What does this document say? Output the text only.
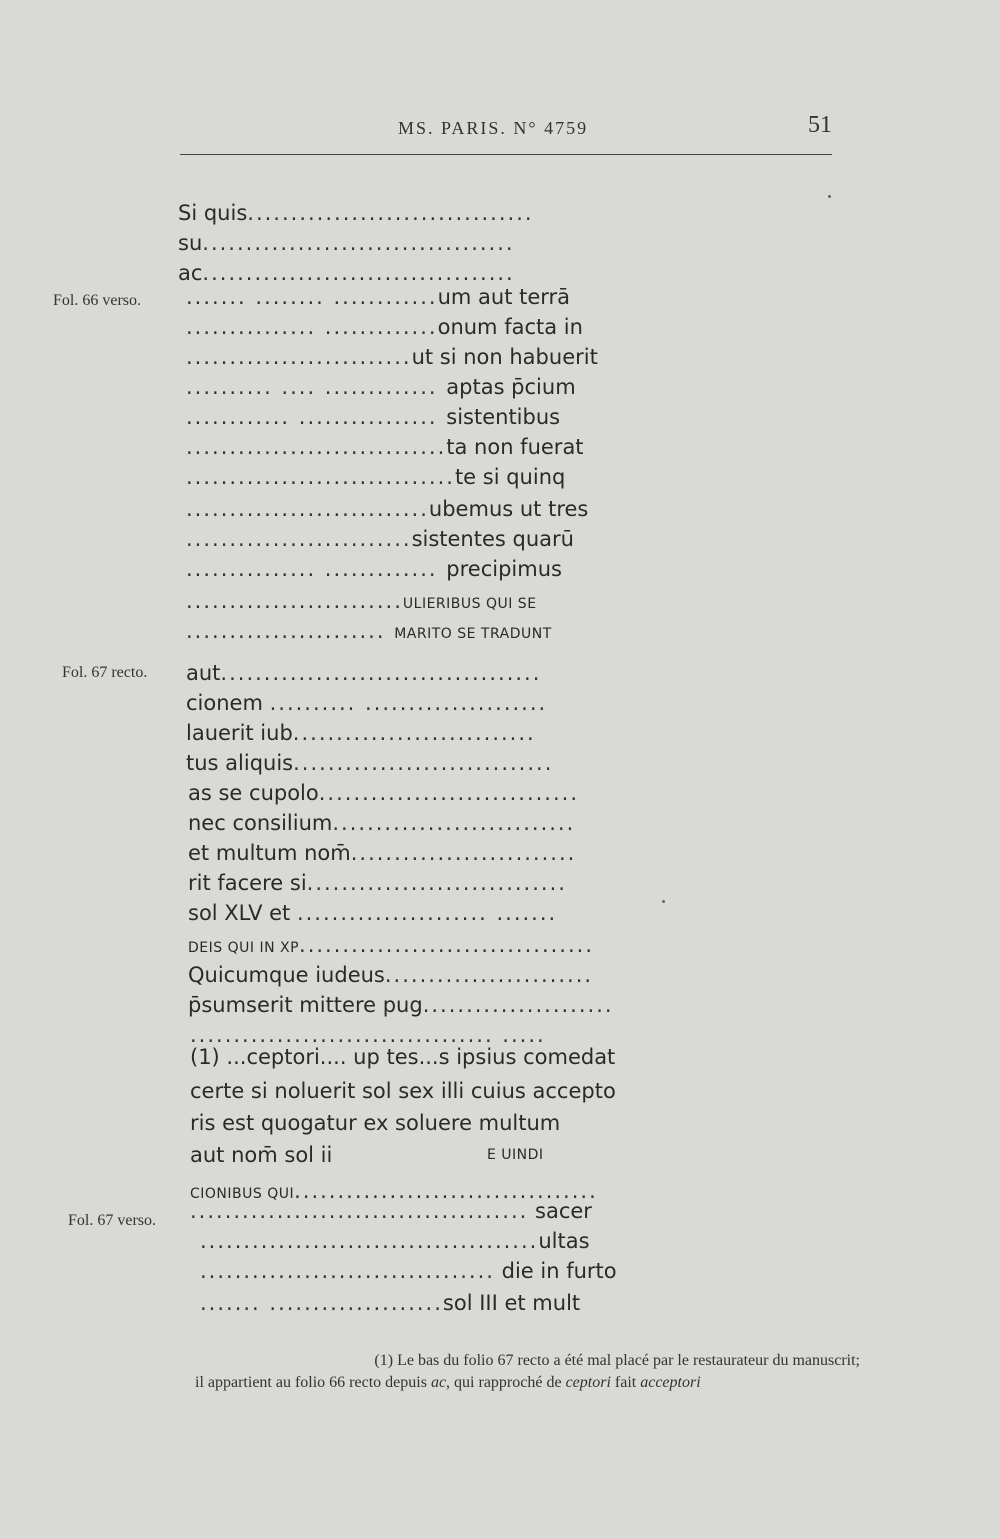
MS. PARIS. N° 4759	51
Fol. 66 verso.
Fol. 67 recto.
Fol. 67 verso.
Si quis.................................
su....................................
ac....................................
....... ........ ............um aut terrā
............... .............onum facta in
..........................ut si non habuerit
.......... .... ............. aptas p̄cium
............ ................ sistentibus
..............................ta non fuerat
...............................te si quinq
............................ubemus ut tres
..........................sistentes quarū
............... ............. precipimus
.........................ULIERIBUS QUI SE
....................... MARITO SE TRADUNT
aut.....................................
cionem .......... .....................
lauerit iub............................
tus aliquis..............................
as se cupolo..............................
nec consilium............................
et multum nom̄..........................
rit facere si..............................
sol XLV et ...................... .......
DEIS QUI IN XP..................................
Quicumque iudeus........................
p̄sumserit mittere pug......................
................................... .....
(1) ...ceptori.... up tes...s ipsius comedat
certe si noluerit sol sex illi cuius accepto
ris est quogatur ex soluere multum
aut nom̄ sol ii
CIONIBUS QUI...................................
....................................... sacer
.......................................ultas
.................................. die in furto
....... ....................sol III et mult
E UINDI
(1) Le bas du folio 67 recto a été mal placé par le restaurateur du manuscrit;
il appartient au folio 66 recto depuis ac, qui rapproché de ceptori fait acceptori
